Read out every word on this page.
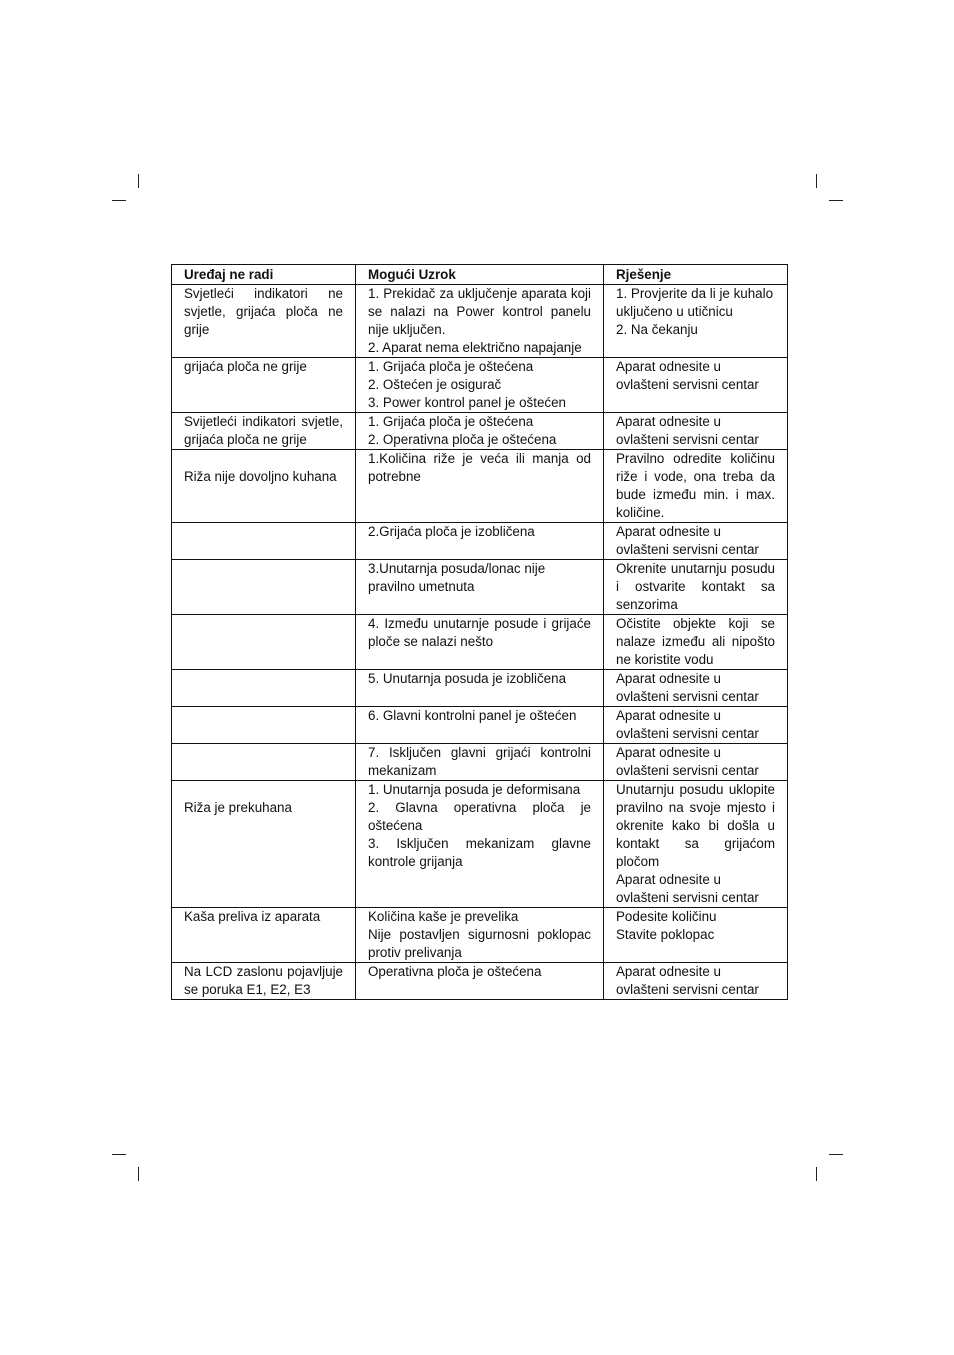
Uređaj ne radi	Mogući Uzrok	Rješenje

Svjetleći indikatori ne svjetle, grijaća ploča ne grije	1. Prekidač za uključenje aparata koji se nalazi na Power kontrol panelu nije uključen.
2. Aparat nema električno napajanje	1. Provjerite da li je kuhalo uključeno u utičnicu
2. Na čekanju

grijaća ploča ne grije	1. Grijaća ploča je oštećena
2. Oštećen je osigurač
3. Power kontrol panel je oštećen	Aparat odnesite u ovlašteni servisni centar

Svijetleći indikatori svjetle, grijaća ploča ne grije	1. Grijaća ploča je oštećena
2. Operativna ploča je oštećena	Aparat odnesite u ovlašteni servisni centar

Riža nije dovoljno kuhana	1.Količina riže je veća ili manja od potrebne	Pravilno odredite količinu riže i vode, ona treba da bude između min. i max. količine.

	2.Grijaća ploča je izobličena	Aparat odnesite u ovlašteni servisni centar

	3.Unutarnja posuda/lonac nije pravilno umetnuta	Okrenite unutarnju posudu i ostvarite kontakt sa senzorima

	4. Između unutarnje posude i grijaće ploče se nalazi nešto	Očistite objekte koji se nalaze između ali nipošto ne koristite vodu

	5. Unutarnja posuda je izobličena	Aparat odnesite u ovlašteni servisni centar

	6. Glavni kontrolni panel je oštećen	Aparat odnesite u ovlašteni servisni centar

	7. Isključen glavni grijaći kontrolni mekanizam	Aparat odnesite u ovlašteni servisni centar

Riža je prekuhana	1. Unutarnja posuda je deformisana
2. Glavna operativna ploča je oštećena
3. Isključen mekanizam glavne kontrole grijanja	Unutarnju posudu uklopite pravilno na svoje mjesto i okrenite kako bi došla u kontakt sa grijaćom pločom
Aparat odnesite u ovlašteni servisni centar

Kaša preliva iz aparata	Količina kaše je prevelika
Nije postavljen sigurnosni poklopac protiv prelivanja	Podesite količinu
Stavite poklopac

Na LCD zaslonu pojavljuje se poruka E1, E2, E3	Operativna ploča je oštećena	Aparat odnesite u ovlašteni servisni centar
